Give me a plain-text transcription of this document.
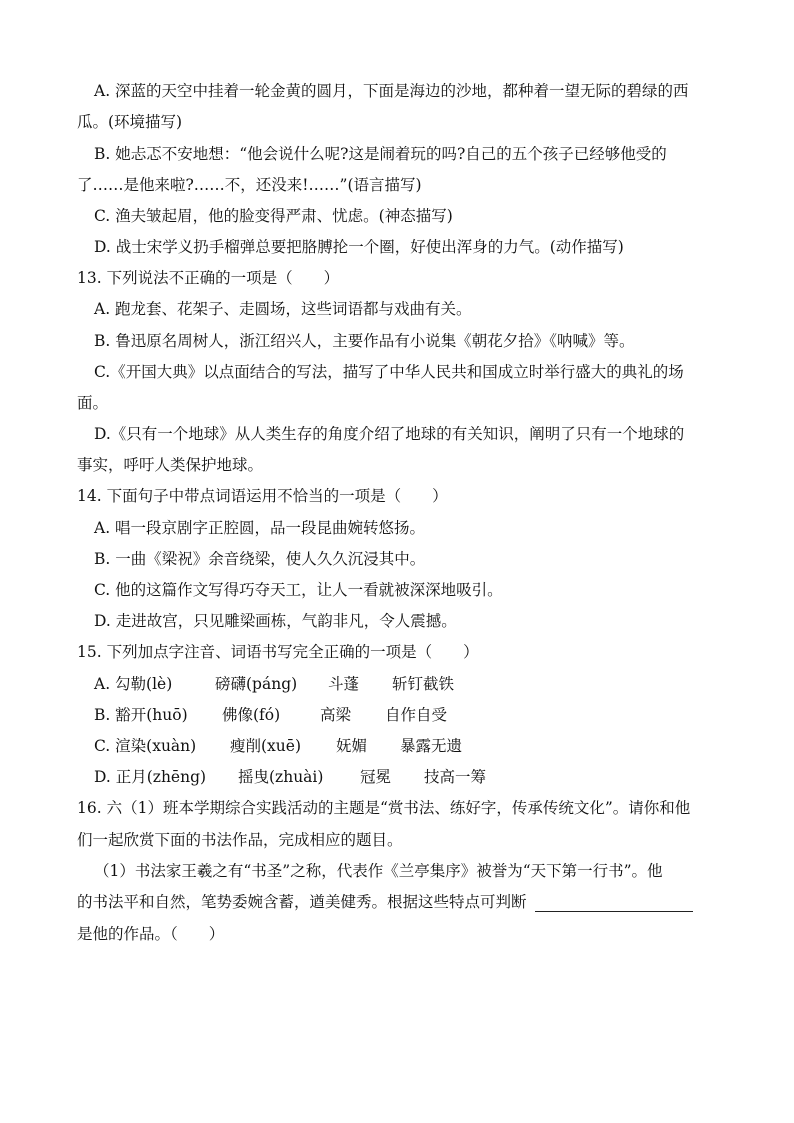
A. 深蓝的天空中挂着一轮金黄的圆月，下面是海边的沙地，都种着一望无际的碧绿的西
瓜。(环境描写)
B. 她忐忑不安地想：“他会说什么呢?这是闹着玩的吗?自己的五个孩子已经够他受的
了……是他来啦?……不，还没来!……”(语言描写)
C. 渔夫皱起眉，他的脸变得严肃、忧虑。(神态描写)
D. 战士宋学义扔手榴弹总要把胳膊抡一个圈，好使出浑身的力气。(动作描写)
13. 下列说法不正确的一项是（　　）
A. 跑龙套、花架子、走圆场，这些词语都与戏曲有关。
B. 鲁迅原名周树人，浙江绍兴人，主要作品有小说集《朝花夕拾》《呐喊》等。
C.《开国大典》以点面结合的写法，描写了中华人民共和国成立时举行盛大的典礼的场
面。
D.《只有一个地球》从人类生存的角度介绍了地球的有关知识，阐明了只有一个地球的
事实，呼吁人类保护地球。
14. 下面句子中带点词语运用不恰当的一项是（　　）
A. 唱一段京剧字正腔圆，品一段昆曲婉转悠扬。
B. 一曲《梁祝》余音绕梁，使人久久沉浸其中。
C. 他的这篇作文写得巧夺天工，让人一看就被深深地吸引。
D. 走进故宫，只见雕梁画栋，气韵非凡，令人震撼。
15. 下列加点字注音、词语书写完全正确的一项是（　　）
A. 勾勒(lè)	磅礴(páng) 斗蓬 斩钉截铁
B. 豁开(huō) 佛像(fó)	高梁 自作自受
C. 渲染(xuàn) 瘦削(xuē) 妩媚 暴露无遗
D. 正月(zhēng) 摇曳(zhuài) 冠冕 技高一筹
16. 六（1）班本学期综合实践活动的主题是“赏书法、练好字，传承传统文化”。请你和他
们一起欣赏下面的书法作品，完成相应的题目。
（1）书法家王羲之有“书圣”之称，代表作《兰亭集序》被誉为“天下第一行书”。他
的书法平和自然，笔势委婉含蓄，遒美健秀。根据这些特点可判断
是他的作品。（　　）
